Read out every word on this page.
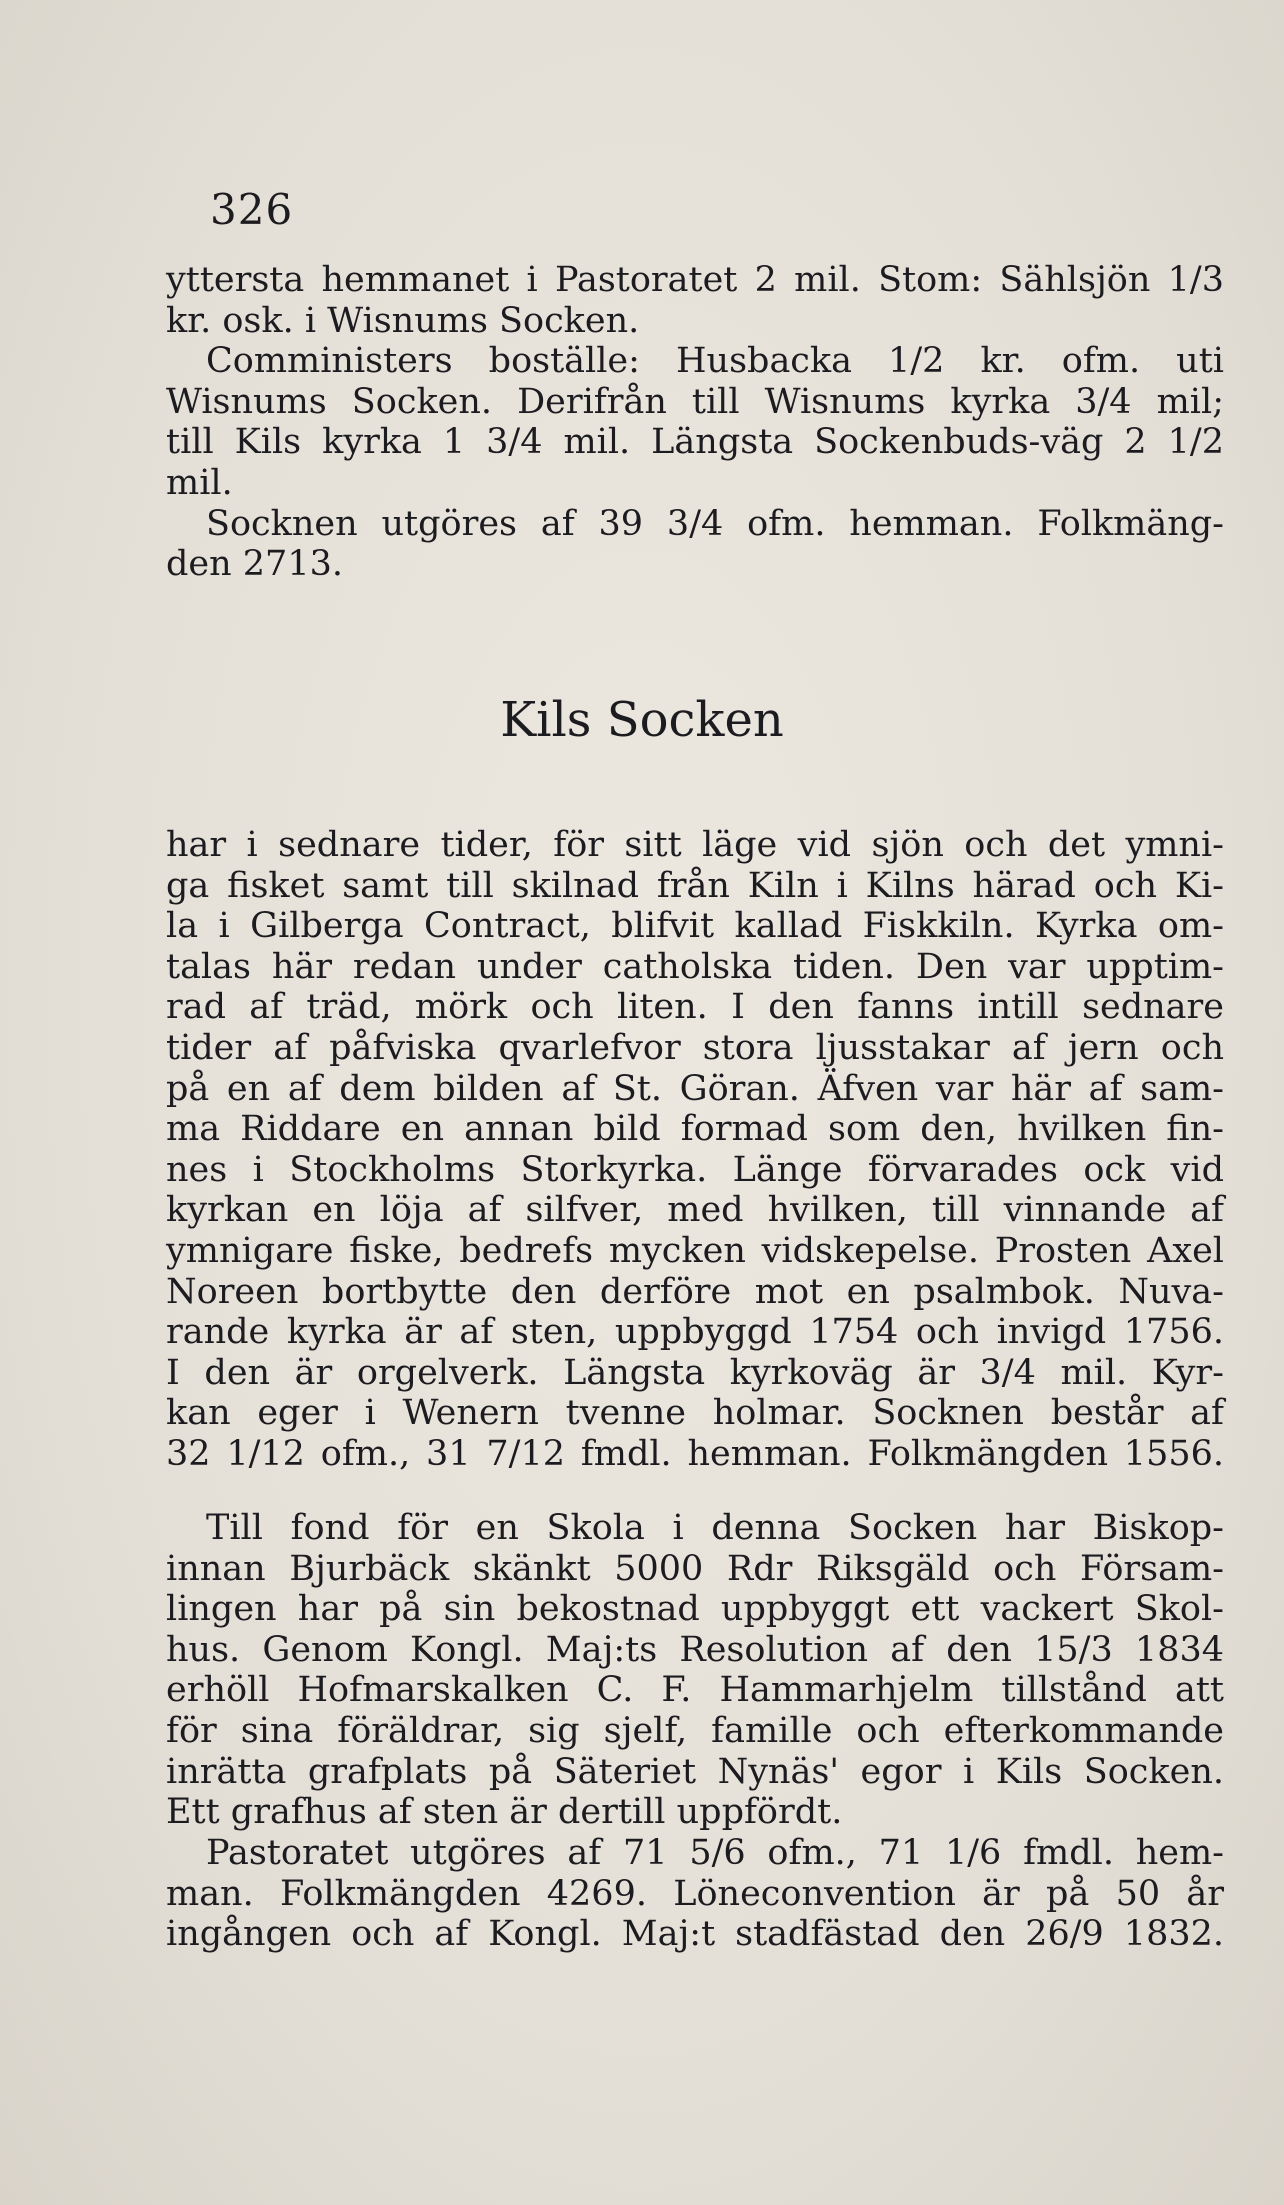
326
yttersta hemmanet i Pastoratet 2 mil. Stom: Sählsjön 1/3
kr. osk. i Wisnums Socken.
Comministers boställe: Husbacka 1/2 kr. ofm. uti
Wisnums Socken. Derifrån till Wisnums kyrka 3/4 mil;
till Kils kyrka 1 3/4 mil. Längsta Sockenbuds-väg 2 1/2
mil.
Socknen utgöres af 39 3/4 ofm. hemman. Folkmäng-
den 2713.
Kils Socken
har i sednare tider, för sitt läge vid sjön och det ymni-
ga fisket samt till skilnad från Kiln i Kilns härad och Ki-
la i Gilberga Contract, blifvit kallad Fiskkiln. Kyrka om-
talas här redan under catholska tiden. Den var upptim-
rad af träd, mörk och liten. I den fanns intill sednare
tider af påfviska qvarlefvor stora ljusstakar af jern och
på en af dem bilden af St. Göran. Äfven var här af sam-
ma Riddare en annan bild formad som den, hvilken fin-
nes i Stockholms Storkyrka. Länge förvarades ock vid
kyrkan en löja af silfver, med hvilken, till vinnande af
ymnigare fiske, bedrefs mycken vidskepelse. Prosten Axel
Noreen bortbytte den derföre mot en psalmbok. Nuva-
rande kyrka är af sten, uppbyggd 1754 och invigd 1756.
I den är orgelverk. Längsta kyrkoväg är 3/4 mil. Kyr-
kan eger i Wenern tvenne holmar. Socknen består af
32 1/12 ofm., 31 7/12 fmdl. hemman. Folkmängden 1556.
Till fond för en Skola i denna Socken har Biskop-
innan Bjurbäck skänkt 5000 Rdr Riksgäld och Försam-
lingen har på sin bekostnad uppbyggt ett vackert Skol-
hus. Genom Kongl. Maj:ts Resolution af den 15/3 1834
erhöll Hofmarskalken C. F. Hammarhjelm tillstånd att
för sina föräldrar, sig sjelf, famille och efterkommande
inrätta grafplats på Säteriet Nynäs' egor i Kils Socken.
Ett grafhus af sten är dertill uppfördt.
Pastoratet utgöres af 71 5/6 ofm., 71 1/6 fmdl. hem-
man. Folkmängden 4269. Löneconvention är på 50 år
ingången och af Kongl. Maj:t stadfästad den 26/9 1832.
